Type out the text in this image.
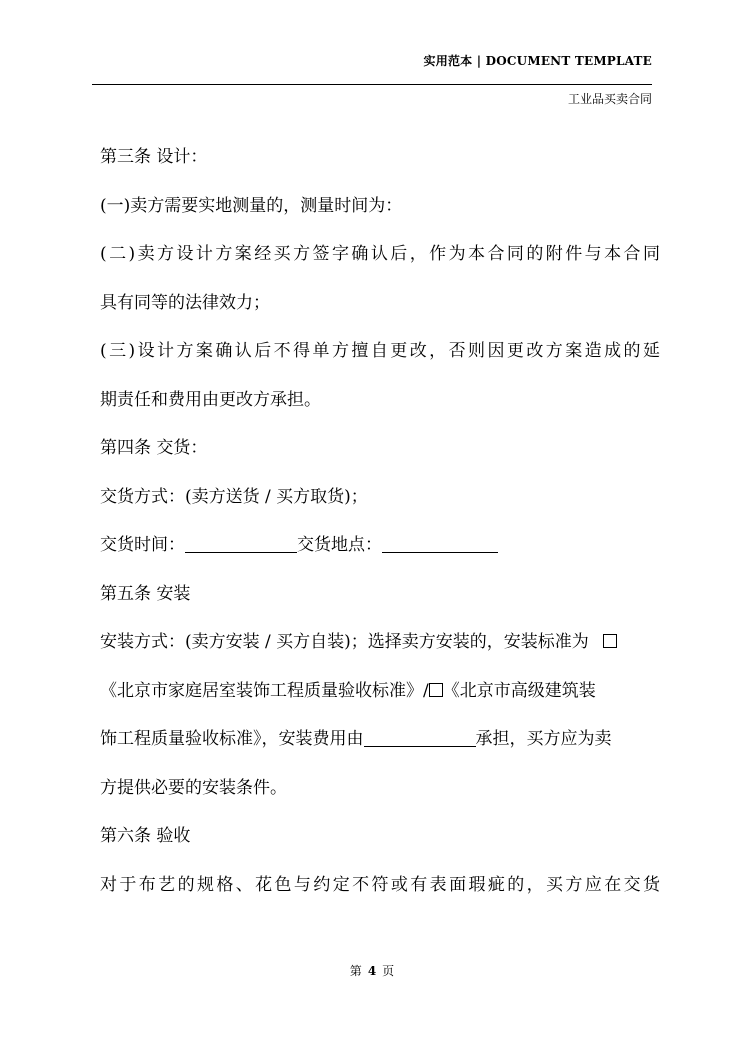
实用范本 | DOCUMENT TEMPLATE
工业品买卖合同
第三条 设计：
(一)卖方需要实地测量的，测量时间为：
(二)卖方设计方案经买方签字确认后，作为本合同的附件与本合同
具有同等的法律效力；
(三)设计方案确认后不得单方擅自更改，否则因更改方案造成的延
期责任和费用由更改方承担。
第四条 交货：
交货方式：(卖方送货 / 买方取货)；
交货时间：	交货地点：
第五条 安装
安装方式：(卖方安装 / 买方自装)；选择卖方安装的，安装标准为
《北京市家庭居室装饰工程质量验收标准》/ 《北京市高级建筑装
饰工程质量验收标准》，安装费用由	承担，买方应为卖
方提供必要的安装条件。
第六条 验收
对于布艺的规格、花色与约定不符或有表面瑕疵的，买方应在交货
第 4 页
